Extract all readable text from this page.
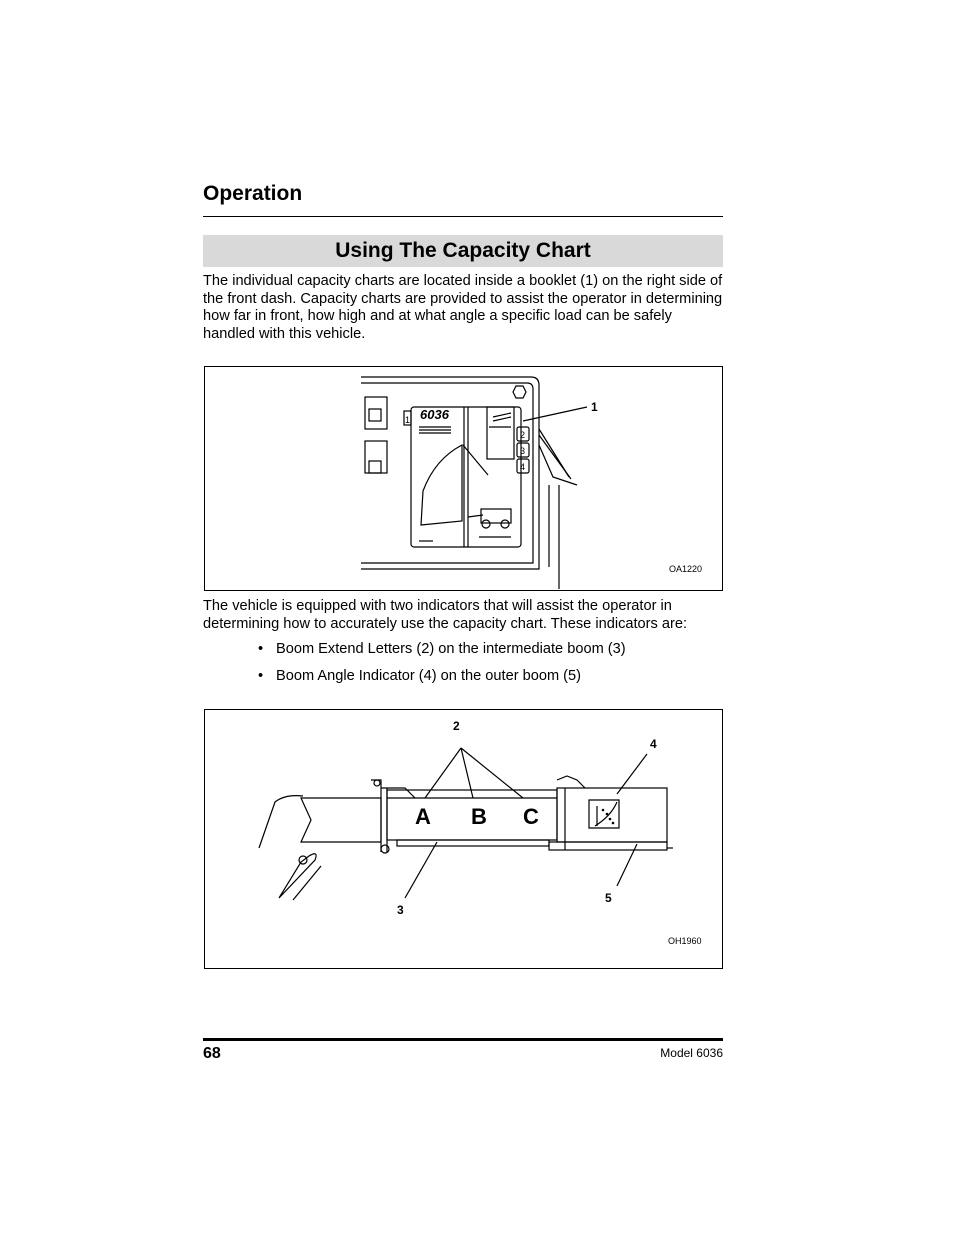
Operation
Using The Capacity Chart

The individual capacity charts are located inside a booklet (1) on the right side of the front dash. Capacity charts are provided to assist the operator in determining how far in front, how high and at what angle a specific load can be safely handled with this vehicle.

6036
1
2
3
4
1
OA1220

The vehicle is equipped with two indicators that will assist the operator in determining how to accurately use the capacity chart. These indicators are:

• Boom Extend Letters (2) on the intermediate boom (3)
• Boom Angle Indicator (4) on the outer boom (5)
A B C
2
3
4
5
OH1960
68	Model 6036
